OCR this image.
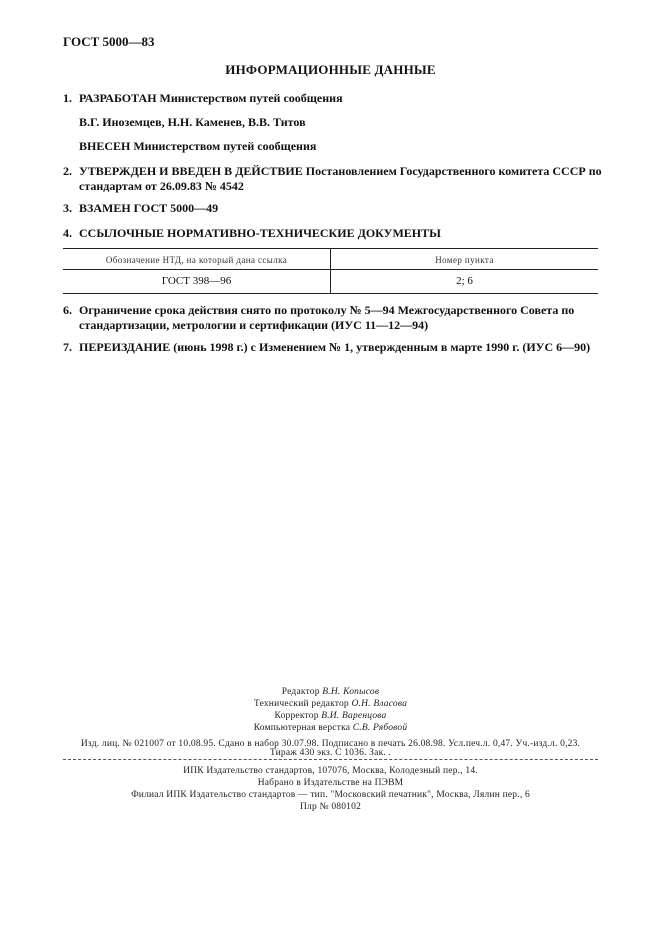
ГОСТ 5000—83
ИНФОРМАЦИОННЫЕ ДАННЫЕ
1. РАЗРАБОТАН Министерством путей сообщения
В.Г. Иноземцев, Н.Н. Каменев, В.В. Титов
ВНЕСЕН Министерством путей сообщения
2. УТВЕРЖДЕН И ВВЕДЕН В ДЕЙСТВИЕ Постановлением Государственного комитета СССР по
стандартам от 26.09.83 № 4542
3. ВЗАМЕН ГОСТ 5000—49
4. ССЫЛОЧНЫЕ НОРМАТИВНО-ТЕХНИЧЕСКИЕ ДОКУМЕНТЫ
Обозначение НТД, на который дана ссылка	Номер пункта
ГОСТ 398—96	2; 6
6. Ограничение срока действия снято по протоколу № 5—94 Межгосударственного Совета по
стандартизации, метрологии и сертификации (ИУС 11—12—94)
7. ПЕРЕИЗДАНИЕ (июнь 1998 г.) с Изменением № 1, утвержденным в марте 1990 г. (ИУС 6—90)
Редактор В.Н. Копысов
Технический редактор О.Н. Власова
Корректор В.И. Варенцова
Компьютерная верстка С.В. Рябовой
Изд. лиц. № 021007 от 10.08.95. Сдано в набор 30.07.98. Подписано в печать 26.08.98. Усл.печ.л. 0,47. Уч.-изд.л. 0,23.
Тираж 430 экз. С 1036. Зак. .
ИПК Издательство стандартов, 107076, Москва, Колодезный пер., 14.
Набрано в Издательстве на ПЭВМ
Филиал ИПК Издательство стандартов — тип. "Московский печатник", Москва, Лялин пер., 6
Плр № 080102
